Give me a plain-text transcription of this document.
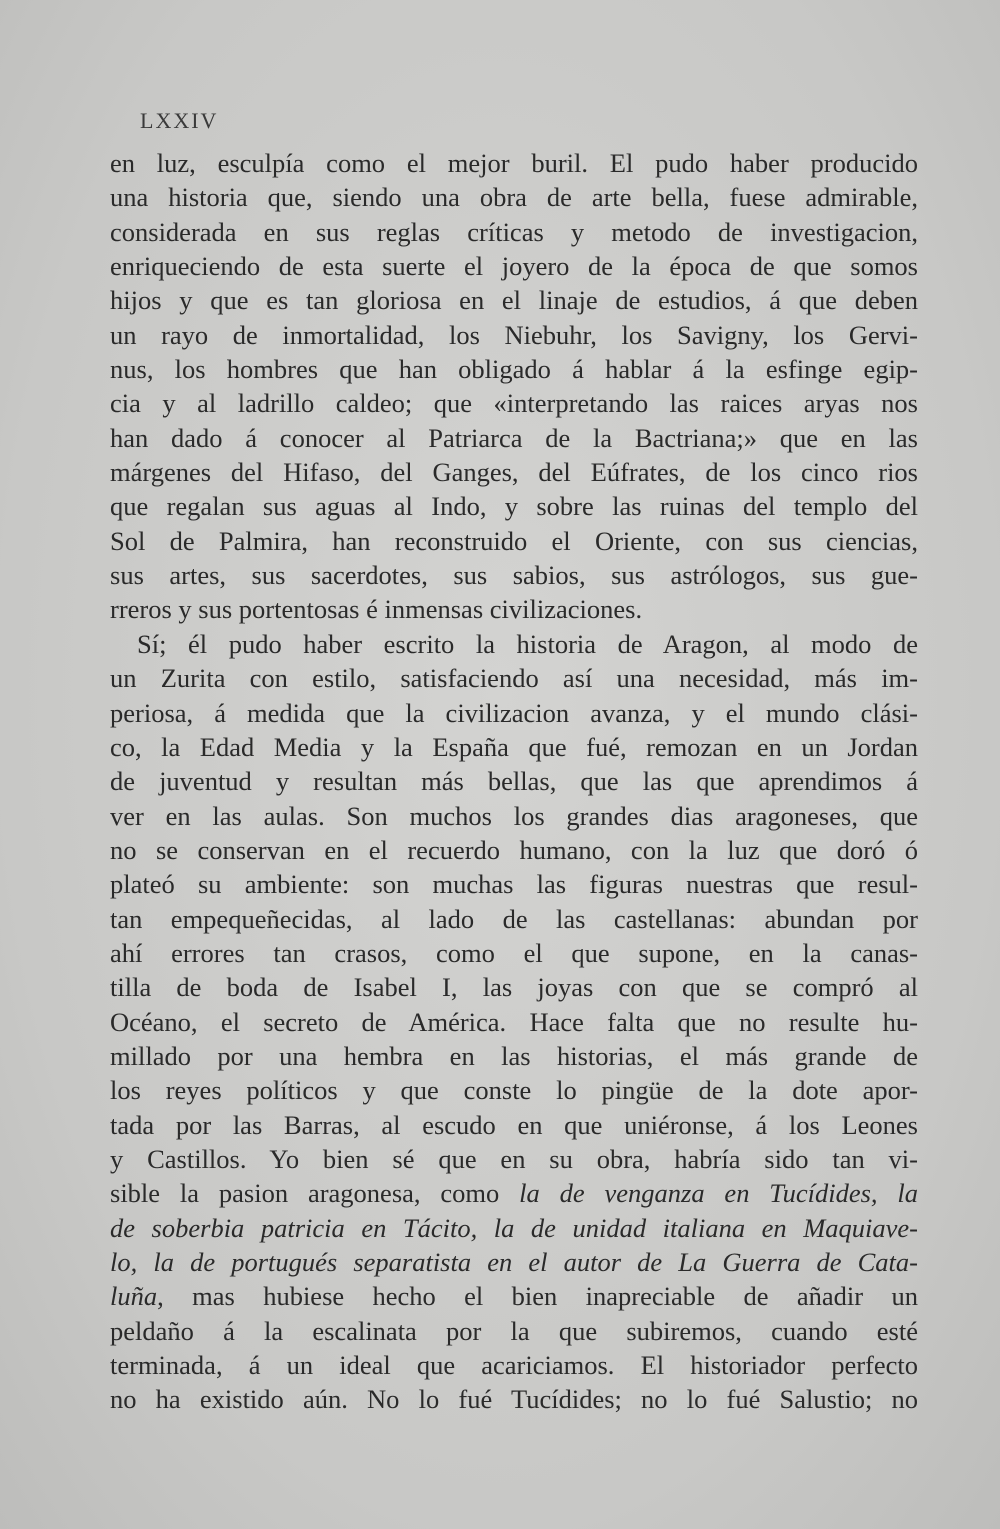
LXXIV
en luz, esculpía como el mejor buril. El pudo haber producido
una historia que, siendo una obra de arte bella, fuese admirable,
considerada en sus reglas críticas y metodo de investigacion,
enriqueciendo de esta suerte el joyero de la época de que somos
hijos y que es tan gloriosa en el linaje de estudios, á que deben
un rayo de inmortalidad, los Niebuhr, los Savigny, los Gervi-
nus, los hombres que han obligado á hablar á la esfinge egip-
cia y al ladrillo caldeo; que «interpretando las raices aryas nos
han dado á conocer al Patriarca de la Bactriana;» que en las
márgenes del Hifaso, del Ganges, del Eúfrates, de los cinco rios
que regalan sus aguas al Indo, y sobre las ruinas del templo del
Sol de Palmira, han reconstruido el Oriente, con sus ciencias,
sus artes, sus sacerdotes, sus sabios, sus astrólogos, sus gue-
rreros y sus portentosas é inmensas civilizaciones.
Sí; él pudo haber escrito la historia de Aragon, al modo de
un Zurita con estilo, satisfaciendo así una necesidad, más im-
periosa, á medida que la civilizacion avanza, y el mundo clási-
co, la Edad Media y la España que fué, remozan en un Jordan
de juventud y resultan más bellas, que las que aprendimos á
ver en las aulas. Son muchos los grandes dias aragoneses, que
no se conservan en el recuerdo humano, con la luz que doró ó
plateó su ambiente: son muchas las figuras nuestras que resul-
tan empequeñecidas, al lado de las castellanas: abundan por
ahí errores tan crasos, como el que supone, en la canas-
tilla de boda de Isabel I, las joyas con que se compró al
Océano, el secreto de América. Hace falta que no resulte hu-
millado por una hembra en las historias, el más grande de
los reyes políticos y que conste lo pingüe de la dote apor-
tada por las Barras, al escudo en que uniéronse, á los Leones
y Castillos. Yo bien sé que en su obra, habría sido tan vi-
sible la pasion aragonesa, como la de venganza en Tucídides, la
de soberbia patricia en Tácito, la de unidad italiana en Maquiave-
lo, la de portugués separatista en el autor de La Guerra de Cata-
luña, mas hubiese hecho el bien inapreciable de añadir un
peldaño á la escalinata por la que subiremos, cuando esté
terminada, á un ideal que acariciamos. El historiador perfecto
no ha existido aún. No lo fué Tucídides; no lo fué Salustio; no
